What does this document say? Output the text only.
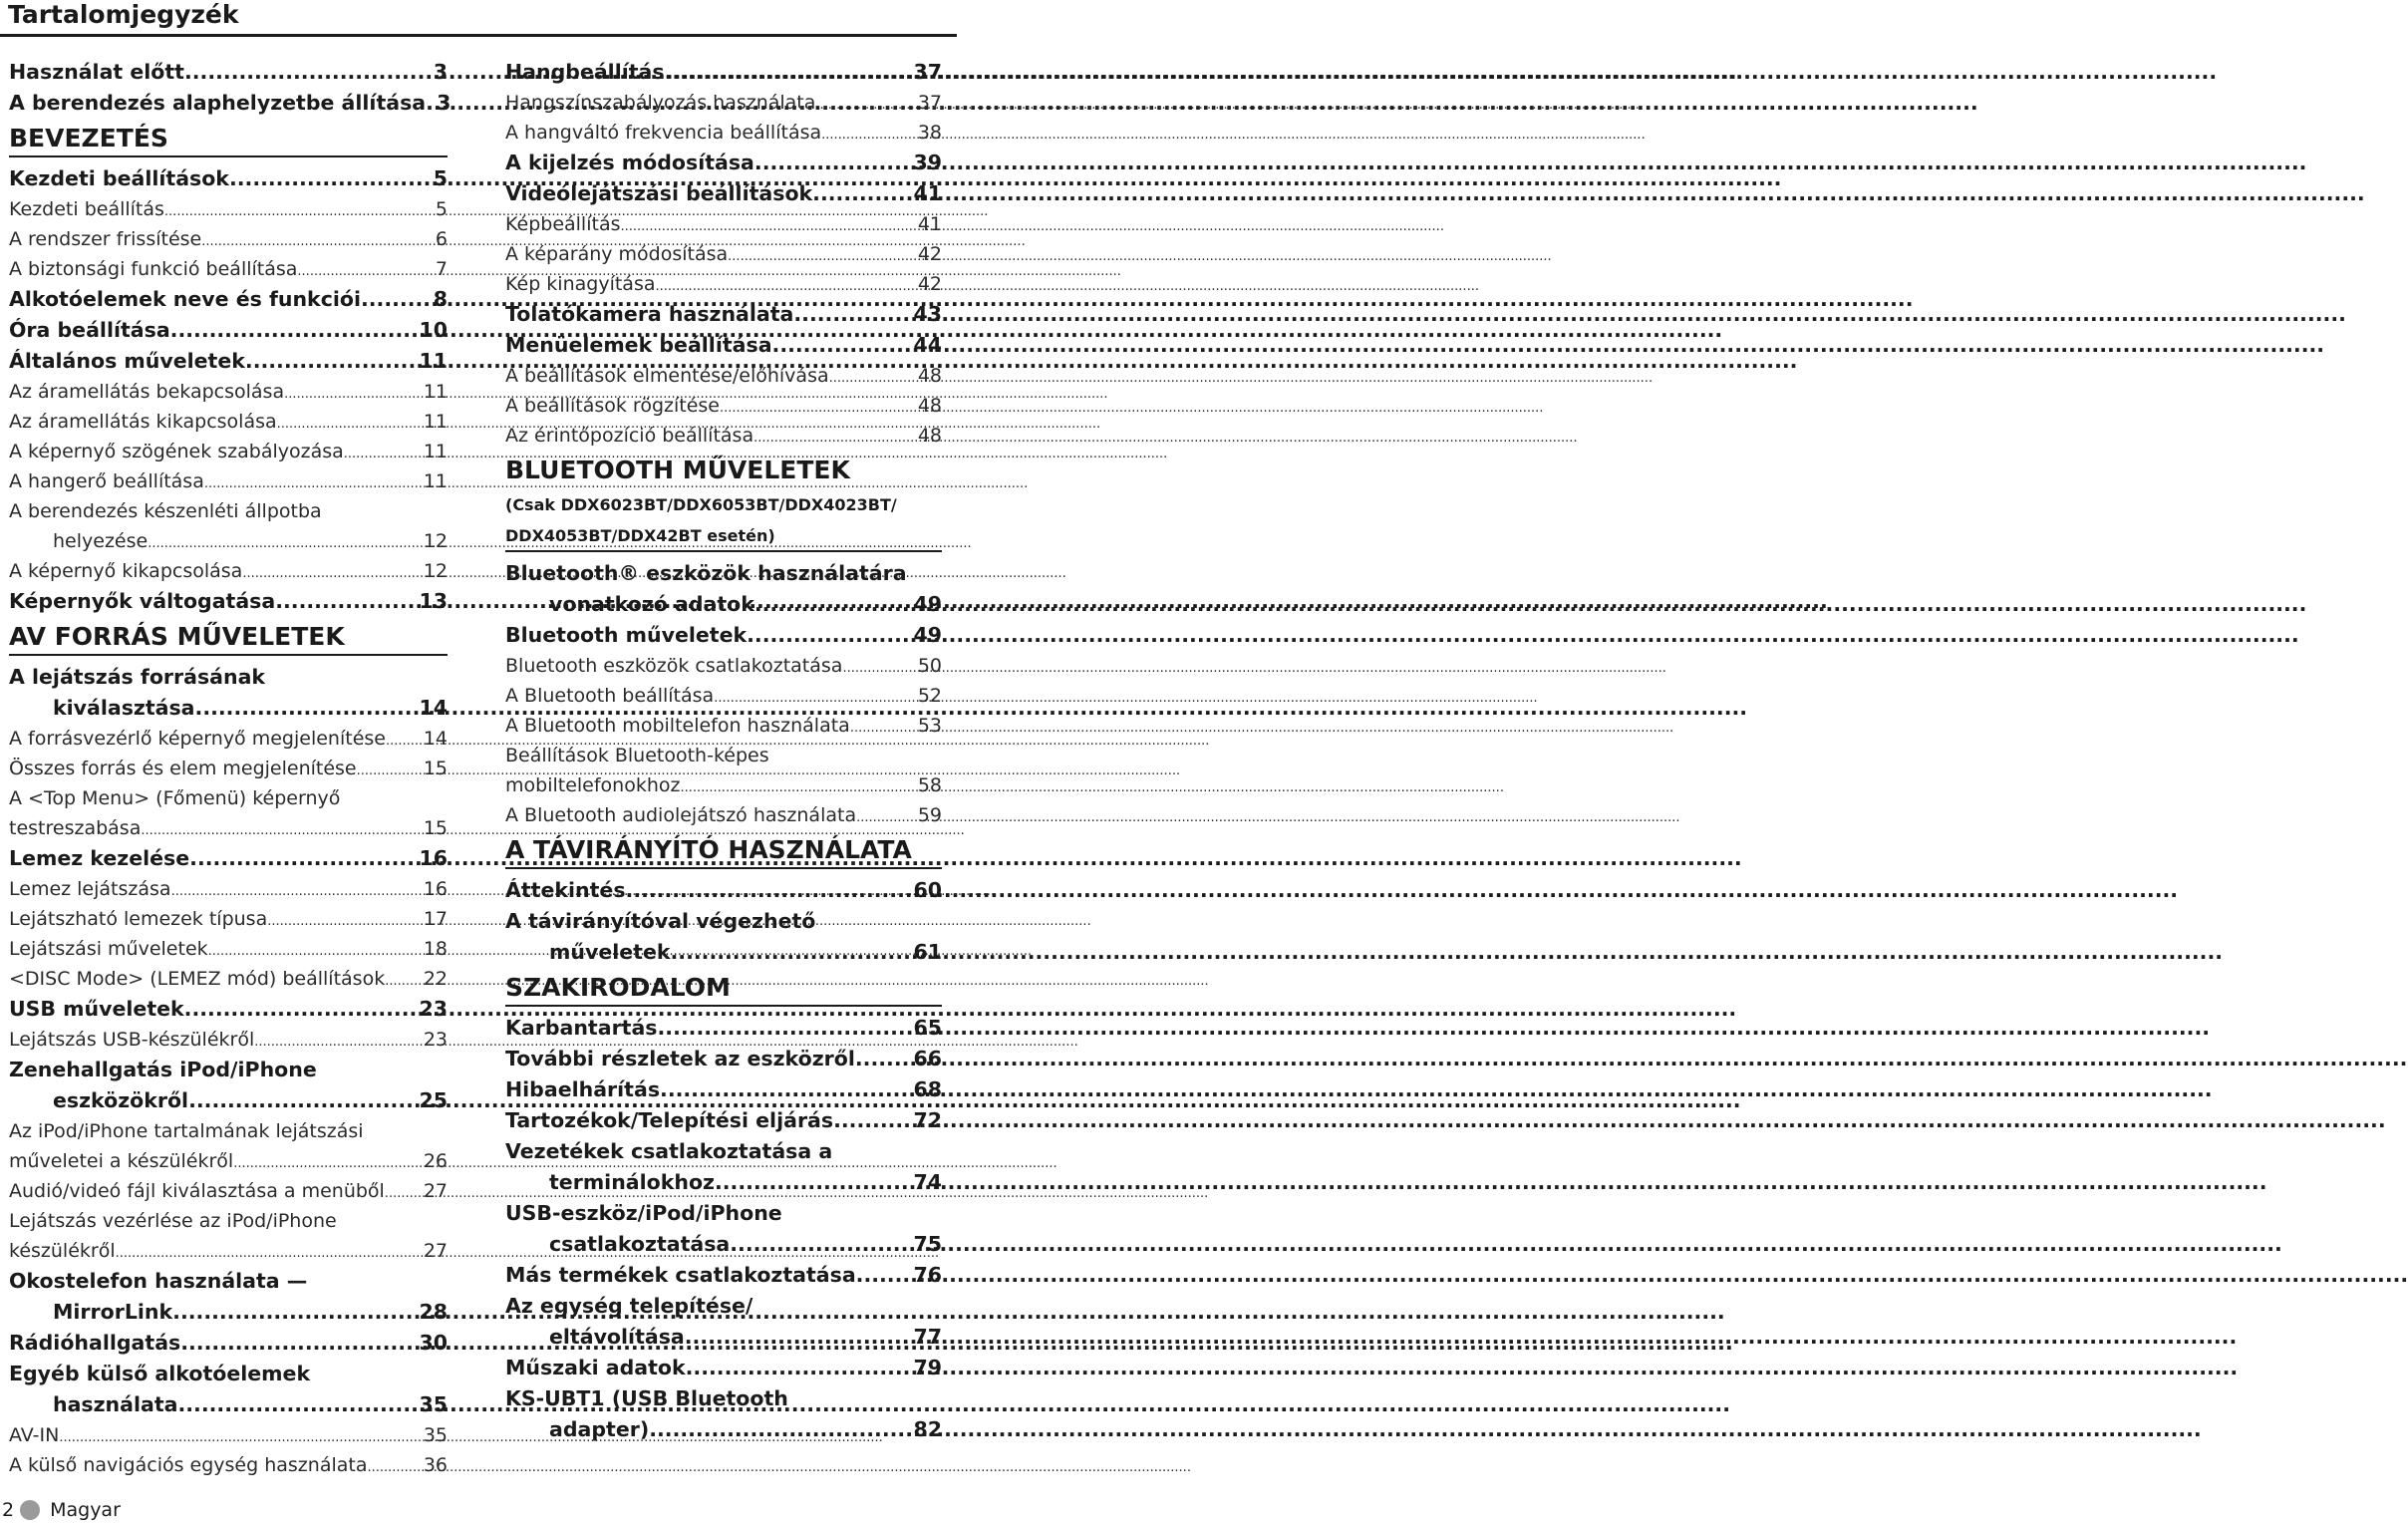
Tartalomjegyzék
Használat előtt .....	3
A berendezés alaphelyzetbe állítása ..... 3
BEVEZETÉS
Kezdeti beállítások .....	5
Kezdeti beállítás .....	5
A rendszer frissítése .....	6
A biztonsági funkció beállítása .....	7
Alkotóelemek neve és funkciói .....	8
Óra beállítása .....	10
Általános műveletek .....	11
Az áramellátás bekapcsolása .....	11
Az áramellátás kikapcsolása .....	11
A képernyő szögének szabályozása .....	11
A hangerő beállítása .....	11
A berendezés készenléti állpotba
helyezése .....	12
A képernyő kikapcsolása .....	12
Képernyők váltogatása .....	13
AV FORRÁS MŰVELETEK
A lejátszás forrásának
kiválasztása .....	14
A forrásvezérlő képernyő megjelenítése ..... 14
Összes forrás és elem megjelenítése .....	15
A <Top Menu> (Főmenü) képernyő
testreszabása .....	15
Lemez kezelése .....	16
Lemez lejátszása .....	16
Lejátszható lemezek típusa .....	17
Lejátszási műveletek .....	18
<DISC Mode> (LEMEZ mód) beállítások ..... 22
USB műveletek .....	23
Lejátszás USB-készülékről .....	23
Zenehallgatás iPod/iPhone
eszközökről .....	25
Az iPod/iPhone tartalmának lejátszási
műveletei a készülékről .....	26
Audió/videó fájl kiválasztása a menüből ..... 27
Lejátszás vezérlése az iPod/iPhone
készülékről .....	27
Okostelefon használata —
MirrorLink .....	28
Rádióhallgatás .....	30
Egyéb külső alkotóelemek
használata .....	35
AV-IN .....	35
A külső navigációs egység használata .....	36
Hangbeállítás .....	37
Hangszínszabályozás használata .....	37
A hangváltó frekvencia beállítása .....	38
A kijelzés módosítása .....	39
Videólejátszási beállítások .....	41
Képbeállítás .....	41
A képarány módosítása .....	42
Kép kinagyítása .....	42
Tolatókamera használata .....	43
Menüelemek beállítása .....	44
A beállítások elmentése/előhívása .....	48
A beállítások rögzítése .....	48
Az érintőpozíció beállítása .....	48
BLUETOOTH MŰVELETEK
(Csak DDX6023BT/DDX6053BT/DDX4023BT/
DDX4053BT/DDX42BT esetén)
Bluetooth® eszközök használatára
vonatkozó adatok .....	49
Bluetooth műveletek .....	49
Bluetooth eszközök csatlakoztatása .....	50
A Bluetooth beállítása .....	52
A Bluetooth mobiltelefon használata .....	53
Beállítások Bluetooth-képes
mobiltelefonokhoz .....	58
A Bluetooth audiolejátszó használata .....	59
A TÁVIRÁNYÍTÓ HASZNÁLATA
Áttekintés .....	60
A távirányítóval végezhető
műveletek .....	61
SZAKIRODALOM
Karbantartás .....	65
További részletek az eszközről .....	66
Hibaelhárítás .....	68
Tartozékok/Telepítési eljárás .....	72
Vezetékek csatlakoztatása a
terminálokhoz .....	74
USB-eszköz/iPod/iPhone
csatlakoztatása .....	75
Más termékek csatlakoztatása .....	76
Az egység telepítése/
eltávolítása .....	77
Műszaki adatok .....	79
KS-UBT1 (USB Bluetooth
adapter) .....	82
2 Magyar
